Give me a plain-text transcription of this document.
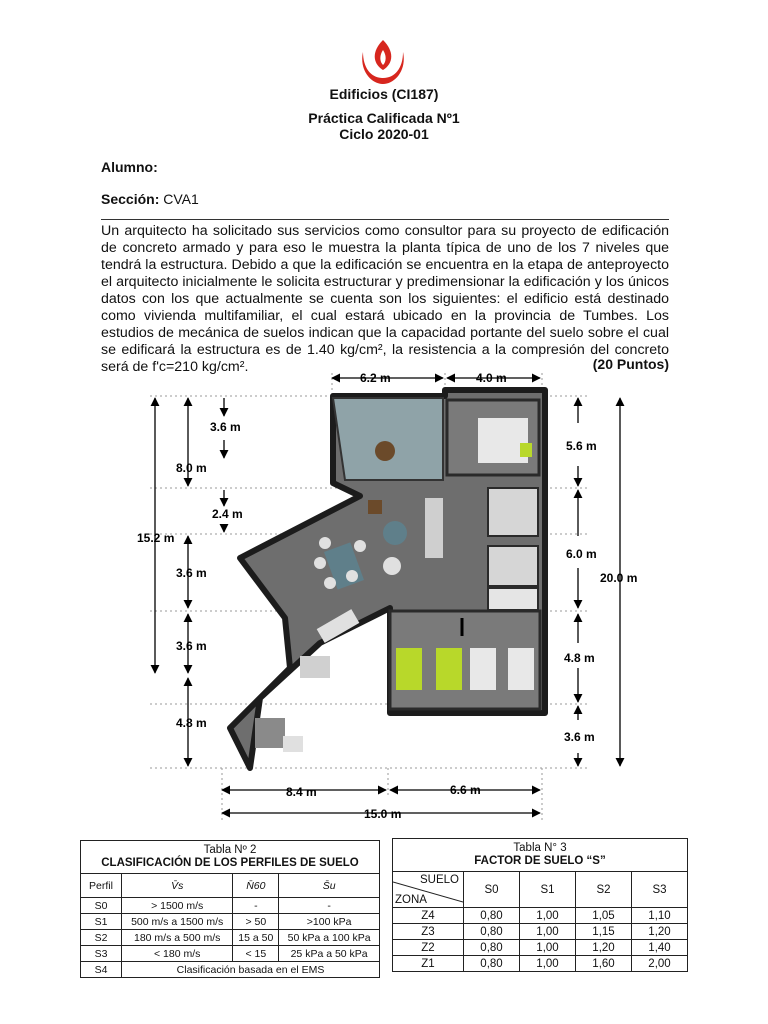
Edificios (CI187)
Práctica Calificada Nº1
Ciclo 2020-01
Alumno:
Sección: CVA1
Un arquitecto ha solicitado sus servicios como consultor para su proyecto de edificación de concreto armado y para eso le muestra la planta típica de uno de los 7 niveles que tendrá la estructura. Debido a que la edificación se encuentra en la etapa de anteproyecto el arquitecto inicialmente le solicita estructurar y predimensionar la edificación y los únicos datos con los que actualmente se cuenta son los siguientes: el edificio está destinado como vivienda multifamiliar, el cual estará ubicado en la provincia de Tumbes. Los estudios de mecánica de suelos indican que la capacidad portante del suelo sobre el cual se edificará la estructura es de 1.40 kg/cm², la resistencia a la compresión del concreto será de f'c=210 kg/cm².	(20 Puntos)
6.2 m	4.0 m
3.6 m
8.0 m
2.4 m
15.2 m
3.6 m
3.6 m
4.8 m
5.6 m
6.0 m
20.0 m
4.8 m
3.6 m
8.4 m	6.6 m
15.0 m
Tabla Nº 2
CLASIFICACIÓN DE LOS PERFILES DE SUELO			

Perfil	V̄s	N̄60	S̄u
S0	> 1500 m/s	-	-
S1	500 m/s a 1500 m/s	> 50	>100 kPa
S2	180 m/s a 500 m/s	15 a 50	50 kPa a 100 kPa
S3	< 180 m/s	< 15	25 kPa a 50 kPa
S4	Clasificación basada en el EMS		
Tabla N° 3
FACTOR DE SUELO “S”				

SUELO
ZONA	S0	S1	S2	S3
Z4	0,80	1,00	1,05	1,10
Z3	0,80	1,00	1,15	1,20
Z2	0,80	1,00	1,20	1,40
Z1	0,80	1,00	1,60	2,00
